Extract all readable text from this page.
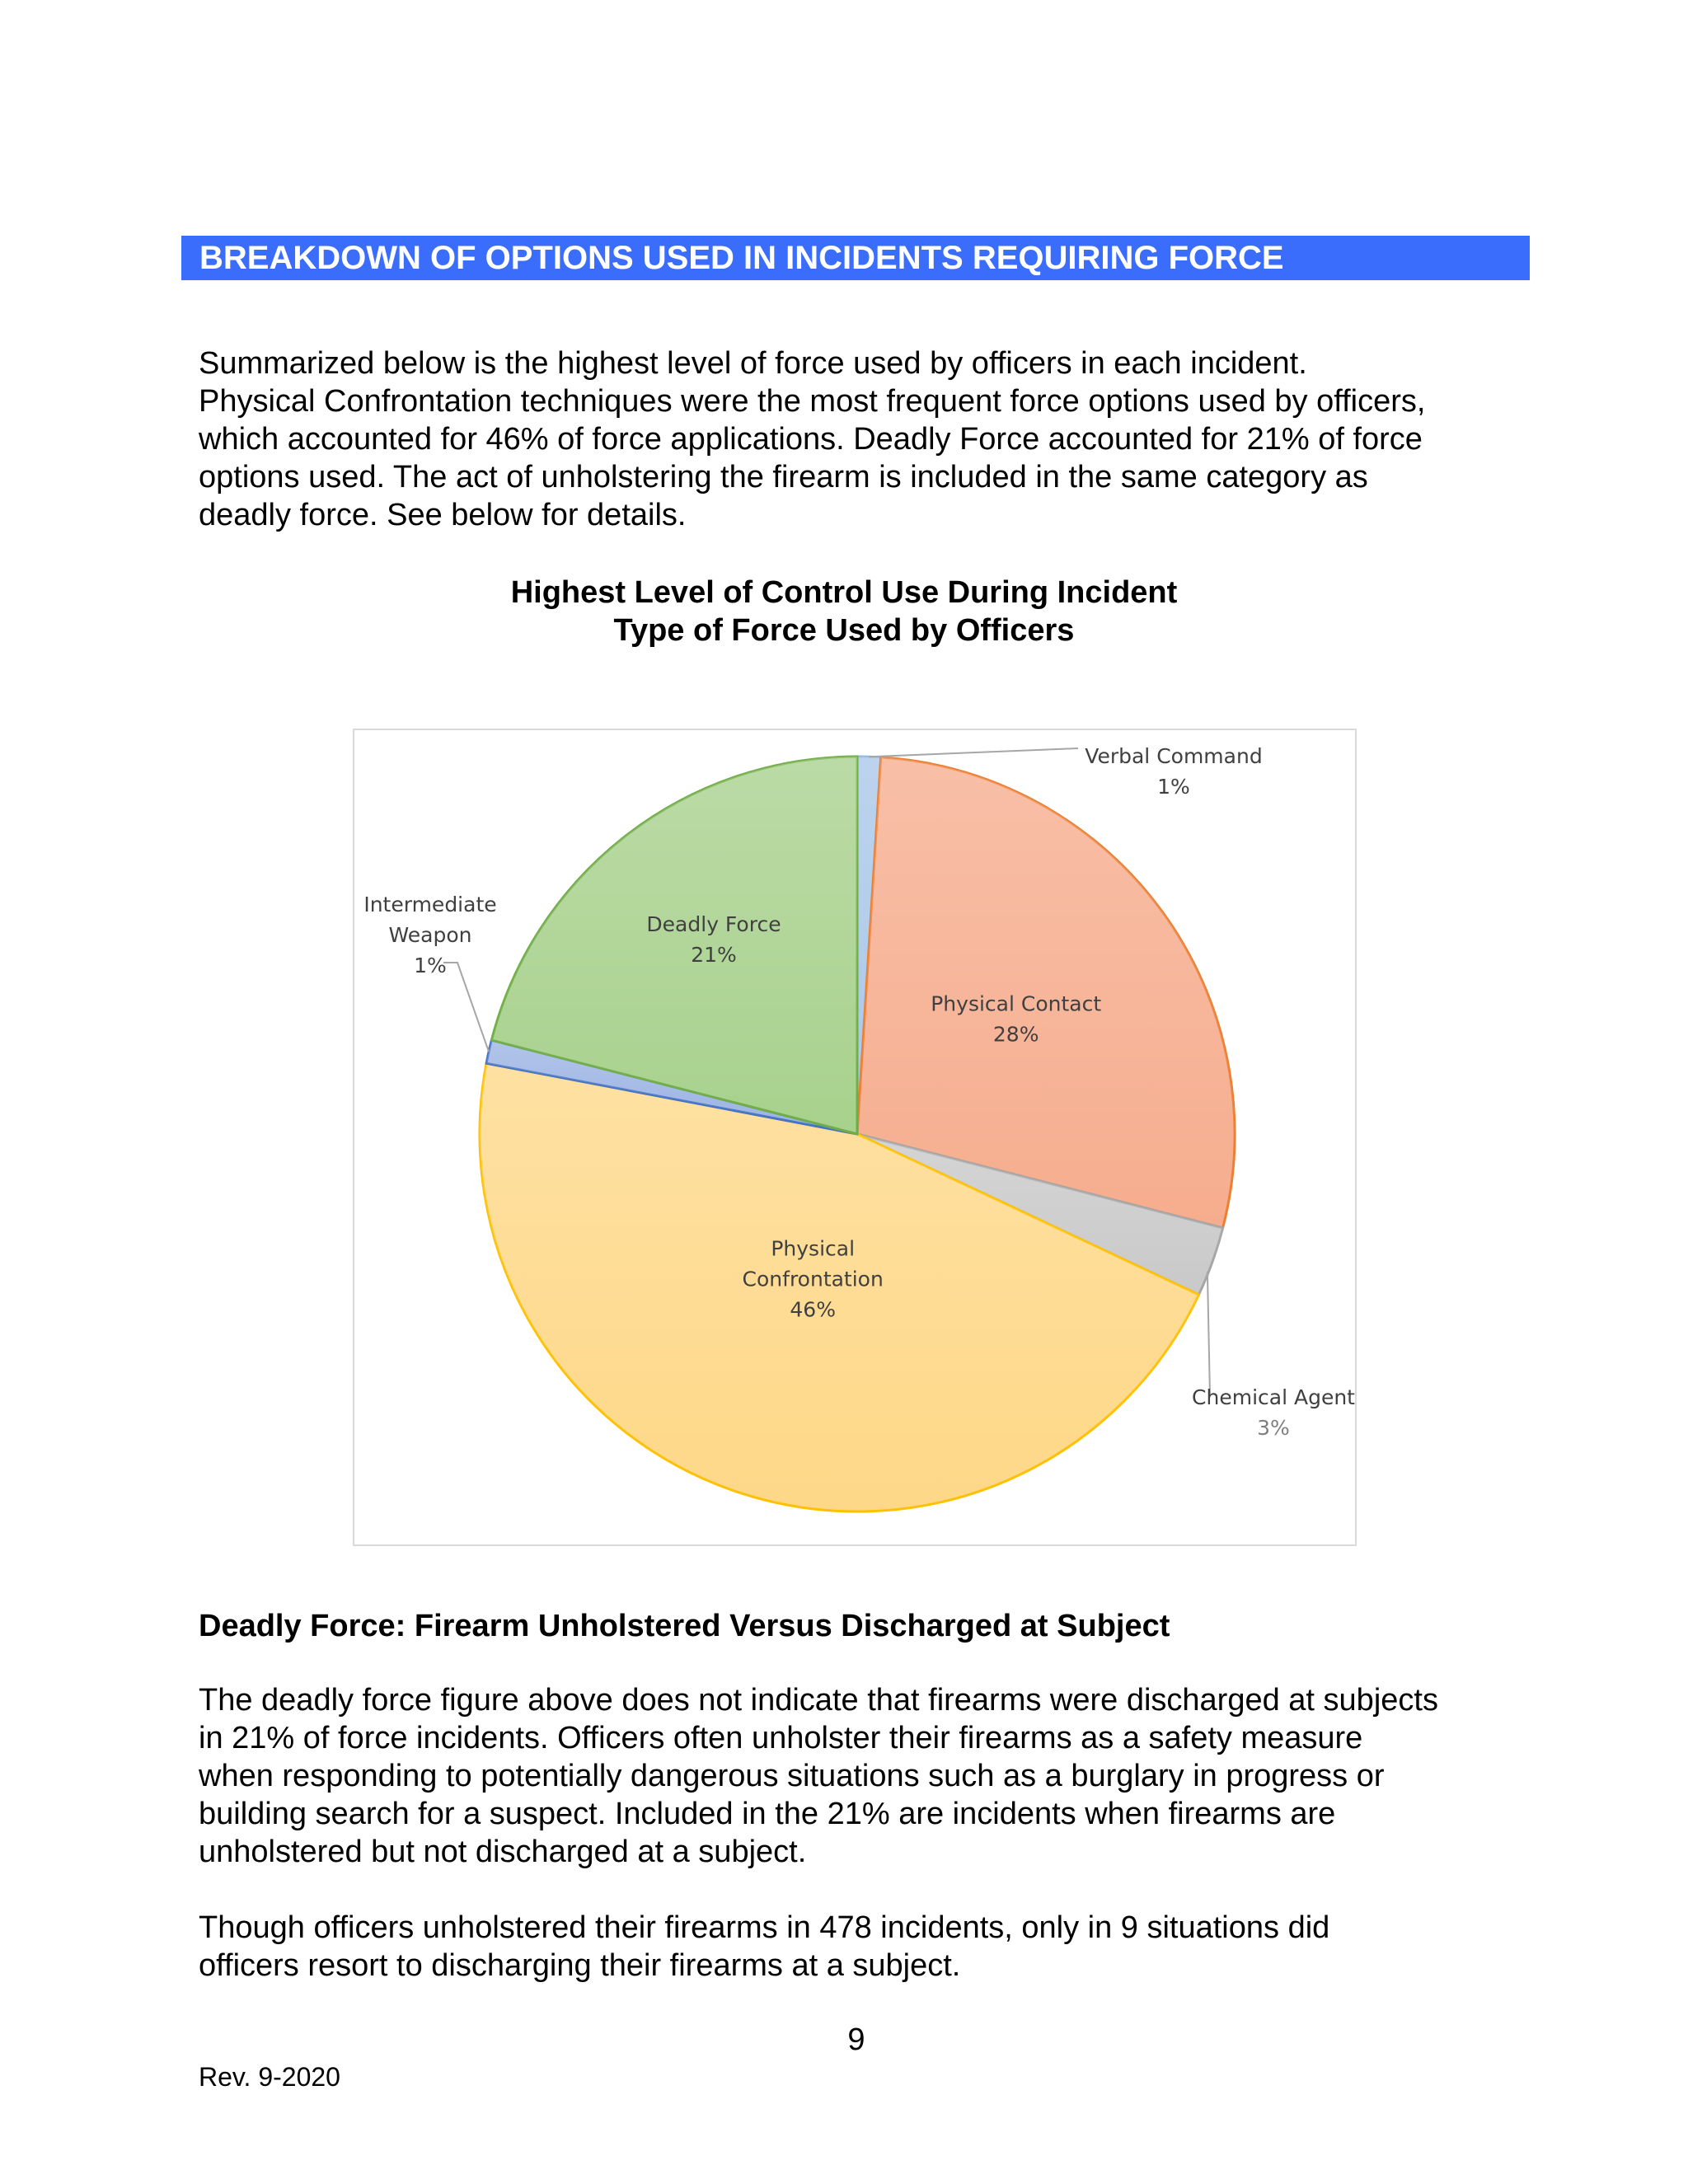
BREAKDOWN OF OPTIONS USED IN INCIDENTS REQUIRING FORCE

Summarized below is the highest level of force used by officers in each incident.
Physical Confrontation techniques were the most frequent force options used by officers,
which accounted for 46% of force applications. Deadly Force accounted for 21% of force
options used. The act of unholstering the firearm is included in the same category as
deadly force. See below for details.

Highest Level of Control Use During Incident
Type of Force Used by Officers
Verbal Command
1%
Physical Contact
28%
Chemical Agent
3%
Physical
Confrontation
46%
Intermediate
Weapon
1%
Deadly Force
21%
Deadly Force: Firearm Unholstered Versus Discharged at Subject

The deadly force figure above does not indicate that firearms were discharged at subjects
in 21% of force incidents. Officers often unholster their firearms as a safety measure
when responding to potentially dangerous situations such as a burglary in progress or
building search for a suspect. Included in the 21% are incidents when firearms are
unholstered but not discharged at a subject.

Though officers unholstered their firearms in 478 incidents, only in 9 situations did
officers resort to discharging their firearms at a subject.

9
Rev. 9-2020
